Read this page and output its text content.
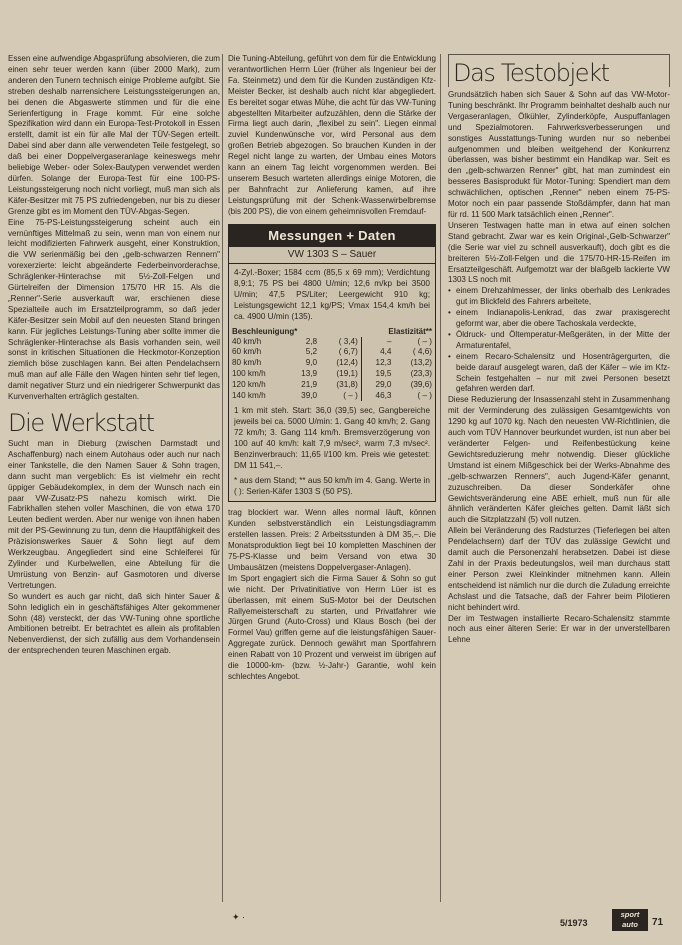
Essen eine aufwendige Abgasprüfung absolvieren, die zum einen sehr teuer werden kann (über 2000 Mark), zum anderen den Tunern technisch einige Probleme aufgibt. Sie streben deshalb narrensichere Leistungssteigerungen an, bei denen die Abgaswerte stimmen und für die eine Serienfertigung in Frage kommt. Für eine solche Spezifikation wird dann ein Europa-Test-Protokoll in Essen erstellt, damit ist ein für alle Mal der TÜV-Segen erteilt. Dabei sind aber dann alle verwendeten Teile festgelegt, so daß bei einer Doppelvergaseranlage keineswegs mehr beliebige Weber- oder Solex-Bautypen verwendet werden dürfen. Solange der Europa-Test für eine 100-PS-Leistungssteigerung noch nicht vorliegt, muß man sich als Käfer-Besitzer mit 75 PS zufriedengeben, nur bis zu dieser Grenze gibt es im Moment den TÜV-Abgas-Segen.

Eine 75-PS-Leistungssteigerung scheint auch ein vernünftiges Mittelmaß zu sein, wenn man von einem nur leicht modifizierten Fahrwerk ausgeht, einer Konstruktion, die VW serienmäßig bei den „gelb-schwarzen Rennern" vorexerzierte: leicht abgeänderte Federbeinvorderachse, Schräglenker-Hinterachse mit 5½-Zoll-Felgen und Gürtelreifen der Dimension 175/70 HR 15. Als die „Renner"-Serie ausverkauft war, erschienen diese Spezialteile auch im Ersatzteilprogramm, so daß jeder Käfer-Besitzer sein Mobil auf den neuesten Stand bringen kann. Für jegliches Leistungs-Tuning aber sollte immer die Schräglenker-Hinterachse als Basis vorhanden sein, weil sonst in kritischen Situationen die Heckmotor-Konzeption ziemlich böse zuschlagen kann. Bei alten Pendelachsern muß man auf alle Fälle den Wagen hinten sehr tief legen, damit negativer Sturz und ein niedrigerer Schwerpunkt das Kurvenverhalten erträglich gestalten.

Die Werkstatt

Sucht man in Dieburg (zwischen Darmstadt und Aschaffenburg) nach einem Autohaus oder auch nur nach einer Tankstelle, die den Namen Sauer & Sohn tragen, dann sucht man vergeblich: Es ist vielmehr ein recht üppiger Gebäudekomplex, in dem der Wunsch nach ein paar VW-Zusatz-PS nahezu komisch wirkt. Die Fabrikhallen stehen voller Maschinen, die von etwa 170 Leuten bedient werden. Aber nur wenige von ihnen haben mit der PS-Gewinnung zu tun, denn die Hauptfähigkeit des Präzisionswerkes Sauer & Sohn liegt auf dem Werkzeugbau. Angegliedert sind eine Schleiferei für Zylinder und Kurbelwellen, eine Abteilung für die Umrüstung von Benzin- auf Gasmotoren und diverse Vertretungen.

So wundert es auch gar nicht, daß sich hinter Sauer & Sohn lediglich ein in geschäftsfähiges Alter gekommener Sohn (48) versteckt, der das VW-Tuning ohne sportliche Ambitionen betreibt. Er betrachtet es allein als profitablen Nebenverdienst, der sich zufällig aus dem Vorhandensein der entsprechenden teuren Maschinen ergab.

Die Tuning-Abteilung, geführt von dem für die Entwicklung verantwortlichen Herrn Lüer (früher als Ingenieur bei der Fa. Steinmetz) und dem für die Kunden zuständigen Kfz-Meister Becker, ist deshalb auch nicht klar abgegliedert. Es bereitet sogar etwas Mühe, die acht für das VW-Tuning abgestellten Mitarbeiter aufzuzählen, denn die Stärke der Firma liegt auch darin, „flexibel zu sein". Liegen einmal zuviel Kundenwünsche vor, wird Personal aus dem großen Betrieb abgezogen. So brauchen Kunden in der Regel nicht lange zu warten, der Umbau eines Motors kann an einem Tag leicht vorgenommen werden. Bei unserem Besuch warteten allerdings einige Motoren, die per Bahnfracht zur Anlieferung kamen, auf ihre Leistungsprüfung mit der Schenk-Wasserwirbelbremse (bis 200 PS), die von einem geheimnisvollen Fremdauf-

Messungen + Daten
VW 1303 S – Sauer
4-Zyl.-Boxer; 1584 ccm (85,5 x 69 mm); Verdichtung 8,9:1; 75 PS bei 4800 U/min; 12,6 m/kp bei 3500 U/min; 47,5 PS/Liter; Leergewicht 910 kg; Leistungsgewicht 12,1 kg/PS; Vmax 154,4 km/h bei ca. 4900 U/min (135).
Beschleunigung*			Elastizität**	
40 km/h	2,8	( 3,4)	–	( – )
60 km/h	5,2	( 6,7)	4,4	( 4,6)
80 km/h	9,0	(12,4)	12,3	(13,2)
100 km/h	13,9	(19,1)	19,5	(23,3)
120 km/h	21,9	(31,8)	29,0	(39,6)
140 km/h	39,0	( – )	46,3	( – )
1 km mit steh. Start: 36,0 (39,5) sec, Gangbereiche jeweils bei ca. 5000 U/min: 1. Gang 40 km/h; 2. Gang 72 km/h; 3. Gang 114 km/h. Bremsverzögerung von 100 auf 40 km/h: kalt 7,9 m/sec², warm 7,3 m/sec². Benzinverbrauch: 11,65 l/100 km. Preis wie getestet: DM 11 541,–.
* aus dem Stand; ** aus 50 km/h im 4. Gang. Werte in ( ): Serien-Käfer 1303 S (50 PS).

trag blockiert war. Wenn alles normal läuft, können Kunden selbstverständlich ein Leistungsdiagramm erstellen lassen. Preis: 2 Arbeitsstunden à DM 35,–. Die Monatsproduktion liegt bei 10 kompletten Maschinen der 75-PS-Klasse und beim Versand von etwa 30 Umbausätzen (meistens Doppelvergaser-Anlagen).

Im Sport engagiert sich die Firma Sauer & Sohn so gut wie nicht. Der Privatinitiative von Herrn Lüer ist es überlassen, mit einem SuS-Motor bei der Deutschen Rallyemeisterschaft zu starten, und Privatfahrer wie Jürgen Grund (Auto-Cross) und Klaus Bosch (bei der Formel Vau) griffen gerne auf die leistungsfähigen Sauer-Aggregate zurück. Dennoch gewährt man Sportfahrern einen Rabatt von 10 Prozent und verweist im übrigen auf die 10000-km- (bzw. ½-Jahr-) Garantie, wohl kein schlechtes Angebot.

Das Testobjekt

Grundsätzlich haben sich Sauer & Sohn auf das VW-Motor-Tuning beschränkt. Ihr Programm beinhaltet deshalb auch nur Vergaseranlagen, Ölkühler, Zylinderköpfe, Auspuffanlagen und Spezialmotoren. Fahrwerksverbesserungen und sonstiges Ausstattungs-Tuning wurden nur so nebenbei aufgenommen und bleiben weitgehend der Konkurrenz überlassen, was bisher bestimmt ein Handikap war. Seit es den „gelb-schwarzen Renner" gibt, hat man zumindest ein besseres Basisprodukt für Motor-Tuning: Spendiert man dem schwächlichen, optischen „Renner" neben einem 75-PS-Motor noch ein paar passende Stoßdämpfer, dann hat man für rd. 11 500 Mark tatsächlich einen „Renner".

Unseren Testwagen hatte man in etwa auf einen solchen Stand gebracht. Zwar war es kein Original-„Gelb-Schwarzer" (die Serie war viel zu schnell ausverkauft), doch gibt es die breiteren 5½-Zoll-Felgen und die 175/70-HR-15-Reifen im Ersatzteilgeschäft. Aufgemotzt war der blaßgelb lackierte VW 1303 LS noch mit

• einem Drehzahlmesser, der links oberhalb des Lenkrades gut im Blickfeld des Fahrers arbeitete,
• einem Indianapolis-Lenkrad, das zwar praxisgerecht geformt war, aber die obere Tachoskala verdeckte,
• Öldruck- und Öltemperatur-Meßgeräten, in der Mitte der Armaturentafel,
• einem Recaro-Schalensitz und Hosenträgergurten, die beide darauf ausgelegt waren, daß der Käfer – wie im Kfz-Schein festgehalten – nur mit zwei Personen besetzt gefahren werden darf.

Diese Reduzierung der Insassenzahl steht in Zusammenhang mit der Verminderung des zulässigen Gesamtgewichts von 1290 kg auf 1070 kg. Nach den neuesten VW-Richtlinien, die auch vom TÜV Hannover beurkundet wurden, ist nun aber bei veränderter Felgen- und Reifenbestückung keine Gewichtsreduzierung mehr notwendig. Dieser glückliche Umstand ist einem Mißgeschick bei der Werks-Abnahme des „gelb-schwarzen Renners", auch Jugend-Käfer genannt, zuzuschreiben. Da dieser Sonderkäfer ohne Gewichtsveränderung eine ABE erhielt, muß nun für alle ähnlich veränderten Käfer gleiches gelten. Damit läßt sich auch die Sitzplatzzahl (5) voll nutzen.

Allein bei Veränderung des Radsturzes (Tieferlegen bei alten Pendelachsern) darf der TÜV das zulässige Gewicht und damit auch die Personenzahl herabsetzen. Dabei ist diese Zahl in der Praxis bedeutungslos, weil man durchaus statt einer Person zwei Kleinkinder mitnehmen kann. Allein entscheidend ist nämlich nur die durch die Zuladung erreichte Achslast und die Tatsache, daß der Fahrer beim Pilotieren nicht behindert wird.

Der im Testwagen installierte Recaro-Schalensitz stammte noch aus einer älteren Serie: Er war in der unverstellbaren Lehne

✦ ·
5/1973
sport
auto	71
